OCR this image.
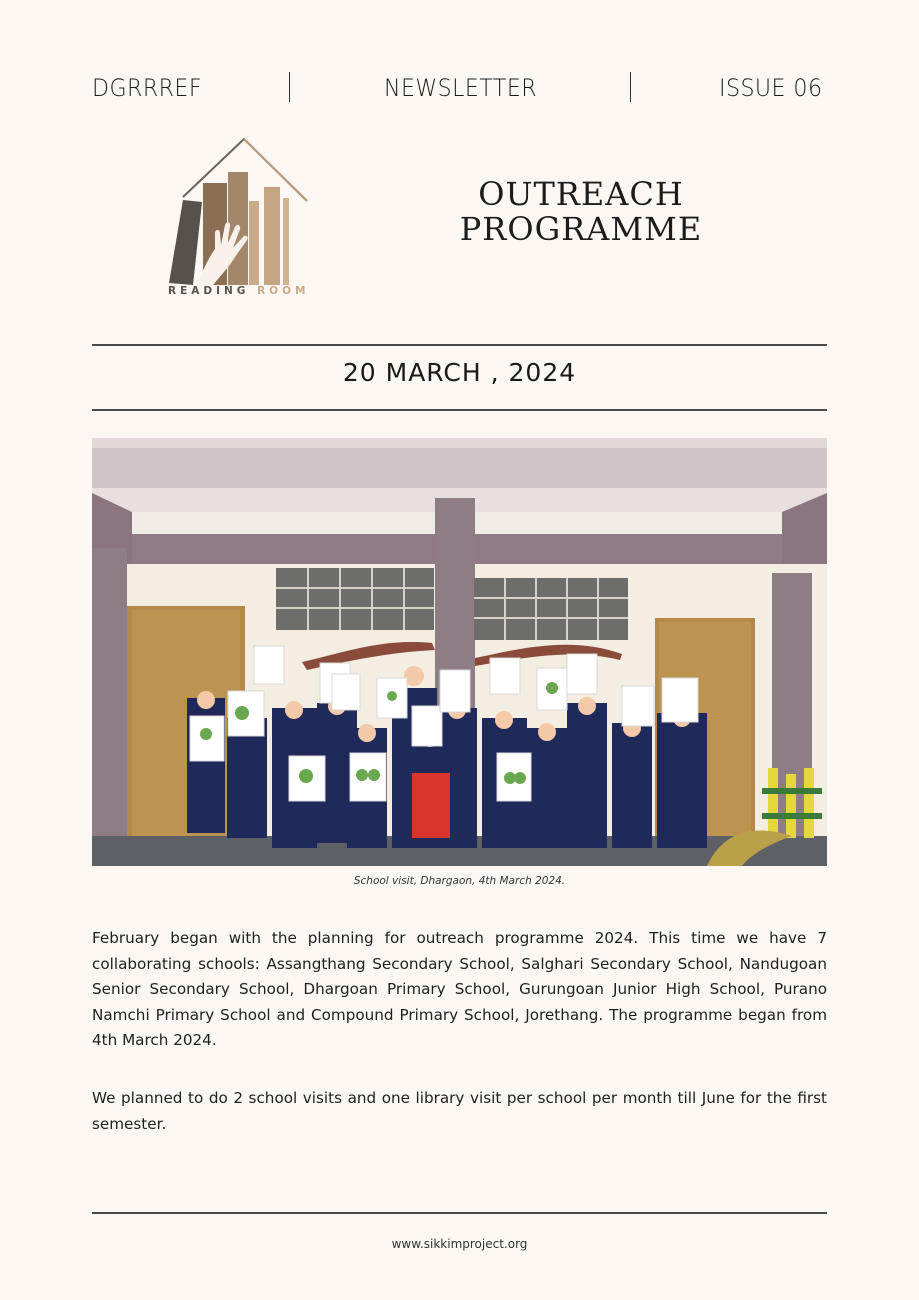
DGRRREF	NEWSLETTER	ISSUE 06
READING ROOM
OUTREACH
PROGRAMME
20 MARCH , 2024
School visit, Dhargaon, 4th March 2024.
February began with the planning for outreach programme 2024. This time we have 7 collaborating schools: Assangthang Secondary School, Salghari Secondary School, Nandugoan Senior Secondary School, Dhargoan Primary School, Gurungoan Junior High School, Purano Namchi Primary School and Compound Primary School, Jorethang. The programme began from 4th March 2024.
We planned to do 2 school visits and one library visit per school per month till June for the first semester.
www.sikkimproject.org
